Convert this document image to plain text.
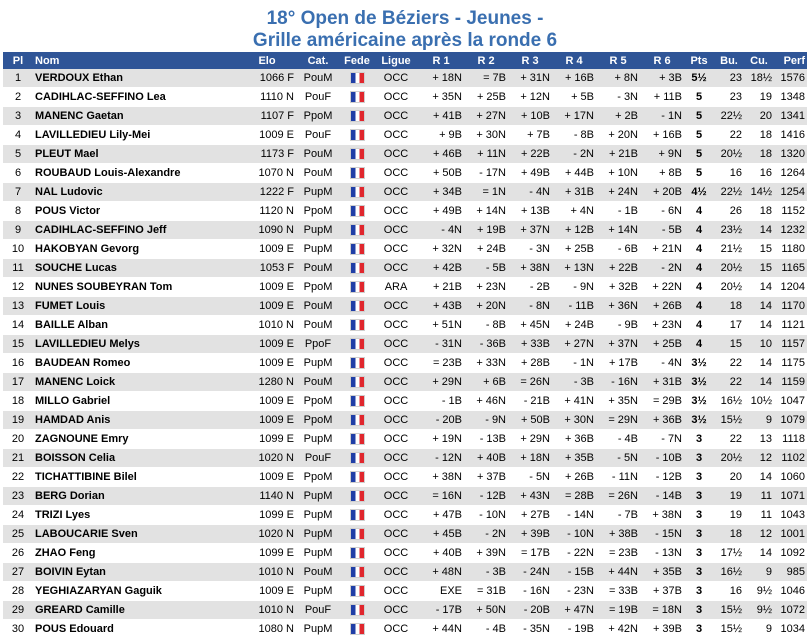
18° Open de Béziers - Jeunes -
Grille américaine après la ronde 6
Pl	Nom	Elo	Cat.	Fede	Ligue	R 1	R 2	R 3	R 4	R 5	R 6	Pts	Bu.	Cu.	Perf
1	VERDOUX Ethan	1066 F	PouM		OCC	+ 18N	= 7B	+ 31N	+ 16B	+ 8N	+ 3B	5½	23	18½	1576
2	CADIHLAC-SEFFINO Lea	1110 N	PouF		OCC	+ 35N	+ 25B	+ 12N	+ 5B	- 3N	+ 11B	5	23	19	1348
3	MANENC Gaetan	1107 F	PpoM		OCC	+ 41B	+ 27N	+ 10B	+ 17N	+ 2B	- 1N	5	22½	20	1341
4	LAVILLEDIEU Lily-Mei	1009 E	PouF		OCC	+ 9B	+ 30N	+ 7B	- 8B	+ 20N	+ 16B	5	22	18	1416
5	PLEUT Mael	1173 F	PouM		OCC	+ 46B	+ 11N	+ 22B	- 2N	+ 21B	+ 9N	5	20½	18	1320
6	ROUBAUD Louis-Alexandre	1070 N	PouM		OCC	+ 50B	- 17N	+ 49B	+ 44B	+ 10N	+ 8B	5	16	16	1264
7	NAL Ludovic	1222 F	PupM		OCC	+ 34B	= 1N	- 4N	+ 31B	+ 24N	+ 20B	4½	22½	14½	1254
8	POUS Victor	1120 N	PpoM		OCC	+ 49B	+ 14N	+ 13B	+ 4N	- 1B	- 6N	4	26	18	1152
9	CADIHLAC-SEFFINO Jeff	1090 N	PupM		OCC	- 4N	+ 19B	+ 37N	+ 12B	+ 14N	- 5B	4	23½	14	1232
10	HAKOBYAN Gevorg	1009 E	PupM		OCC	+ 32N	+ 24B	- 3N	+ 25B	- 6B	+ 21N	4	21½	15	1180
11	SOUCHE Lucas	1053 F	PouM		OCC	+ 42B	- 5B	+ 38N	+ 13N	+ 22B	- 2N	4	20½	15	1165
12	NUNES SOUBEYRAN Tom	1009 E	PpoM		ARA	+ 21B	+ 23N	- 2B	- 9N	+ 32B	+ 22N	4	20½	14	1204
13	FUMET Louis	1009 E	PouM		OCC	+ 43B	+ 20N	- 8N	- 11B	+ 36N	+ 26B	4	18	14	1170
14	BAILLE Alban	1010 N	PouM		OCC	+ 51N	- 8B	+ 45N	+ 24B	- 9B	+ 23N	4	17	14	1121
15	LAVILLEDIEU Melys	1009 E	PpoF		OCC	- 31N	- 36B	+ 33B	+ 27N	+ 37N	+ 25B	4	15	10	1157
16	BAUDEAN Romeo	1009 E	PupM		OCC	= 23B	+ 33N	+ 28B	- 1N	+ 17B	- 4N	3½	22	14	1175
17	MANENC Loick	1280 N	PouM		OCC	+ 29N	+ 6B	= 26N	- 3B	- 16N	+ 31B	3½	22	14	1159
18	MILLO Gabriel	1009 E	PpoM		OCC	- 1B	+ 46N	- 21B	+ 41N	+ 35N	= 29B	3½	16½	10½	1047
19	HAMDAD Anis	1009 E	PpoM		OCC	- 20B	- 9N	+ 50B	+ 30N	= 29N	+ 36B	3½	15½	9	1079
20	ZAGNOUNE Emry	1099 E	PupM		OCC	+ 19N	- 13B	+ 29N	+ 36B	- 4B	- 7N	3	22	13	1118
21	BOISSON Celia	1020 N	PouF		OCC	- 12N	+ 40B	+ 18N	+ 35B	- 5N	- 10B	3	20½	12	1102
22	TICHATTIBINE Bilel	1009 E	PpoM		OCC	+ 38N	+ 37B	- 5N	+ 26B	- 11N	- 12B	3	20	14	1060
23	BERG Dorian	1140 N	PupM		OCC	= 16N	- 12B	+ 43N	= 28B	= 26N	- 14B	3	19	11	1071
24	TRIZI Lyes	1099 E	PupM		OCC	+ 47B	- 10N	+ 27B	- 14N	- 7B	+ 38N	3	19	11	1043
25	LABOUCARIE Sven	1020 N	PupM		OCC	+ 45B	- 2N	+ 39B	- 10N	+ 38B	- 15N	3	18	12	1001
26	ZHAO Feng	1099 E	PupM		OCC	+ 40B	+ 39N	= 17B	- 22N	= 23B	- 13N	3	17½	14	1092
27	BOIVIN Eytan	1010 N	PouM		OCC	+ 48N	- 3B	- 24N	- 15B	+ 44N	+ 35B	3	16½	9	985
28	YEGHIAZARYAN Gaguik	1009 E	PupM		OCC	EXE	= 31B	- 16N	- 23N	= 33B	+ 37B	3	16	9½	1046
29	GREARD Camille	1010 N	PouF		OCC	- 17B	+ 50N	- 20B	+ 47N	= 19B	= 18N	3	15½	9½	1072
30	POUS Edouard	1080 N	PupM		OCC	+ 44N	- 4B	- 35N	- 19B	+ 42N	+ 39B	3	15½	9	1034
